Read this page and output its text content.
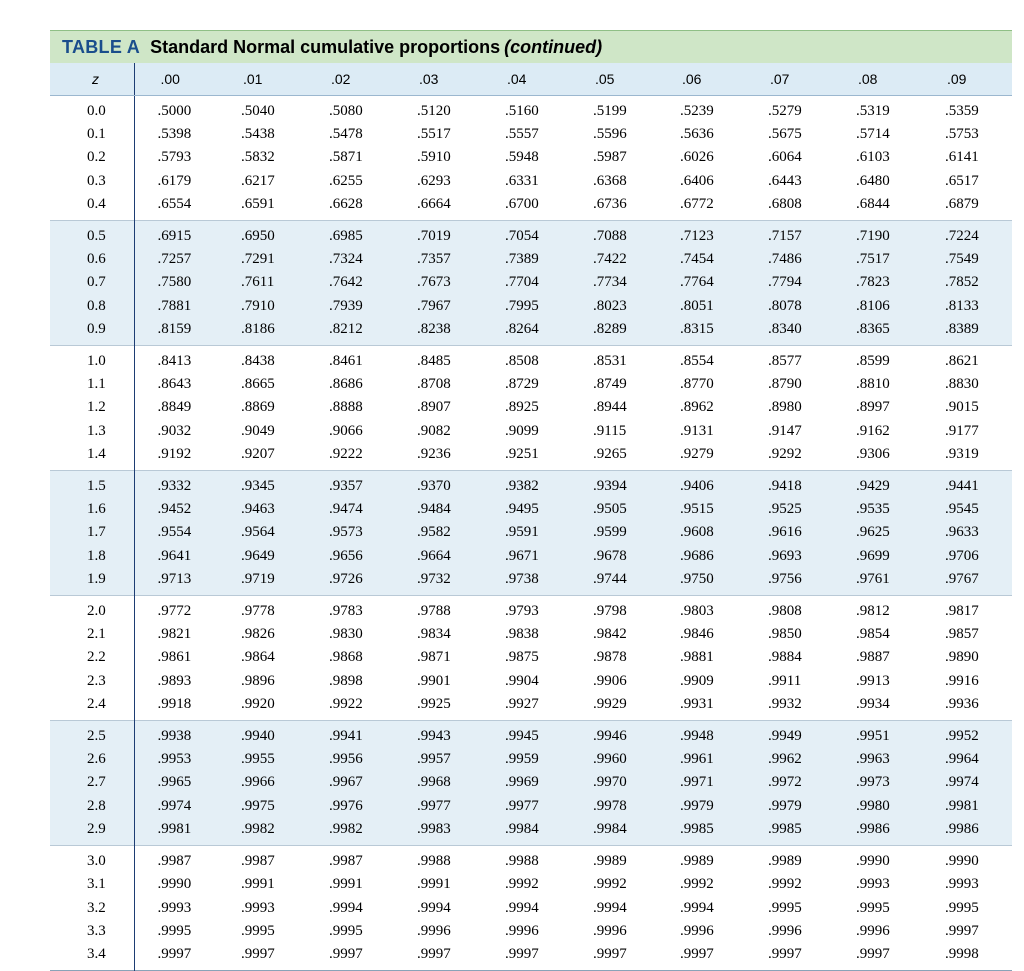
TABLE A Standard Normal cumulative proportions (continued)
z	.00	.01	.02	.03	.04	.05	.06	.07	.08	.09
0.0	.5000	.5040	.5080	.5120	.5160	.5199	.5239	.5279	.5319	.5359
0.1	.5398	.5438	.5478	.5517	.5557	.5596	.5636	.5675	.5714	.5753
0.2	.5793	.5832	.5871	.5910	.5948	.5987	.6026	.6064	.6103	.6141
0.3	.6179	.6217	.6255	.6293	.6331	.6368	.6406	.6443	.6480	.6517
0.4	.6554	.6591	.6628	.6664	.6700	.6736	.6772	.6808	.6844	.6879
0.5	.6915	.6950	.6985	.7019	.7054	.7088	.7123	.7157	.7190	.7224
0.6	.7257	.7291	.7324	.7357	.7389	.7422	.7454	.7486	.7517	.7549
0.7	.7580	.7611	.7642	.7673	.7704	.7734	.7764	.7794	.7823	.7852
0.8	.7881	.7910	.7939	.7967	.7995	.8023	.8051	.8078	.8106	.8133
0.9	.8159	.8186	.8212	.8238	.8264	.8289	.8315	.8340	.8365	.8389
1.0	.8413	.8438	.8461	.8485	.8508	.8531	.8554	.8577	.8599	.8621
1.1	.8643	.8665	.8686	.8708	.8729	.8749	.8770	.8790	.8810	.8830
1.2	.8849	.8869	.8888	.8907	.8925	.8944	.8962	.8980	.8997	.9015
1.3	.9032	.9049	.9066	.9082	.9099	.9115	.9131	.9147	.9162	.9177
1.4	.9192	.9207	.9222	.9236	.9251	.9265	.9279	.9292	.9306	.9319
1.5	.9332	.9345	.9357	.9370	.9382	.9394	.9406	.9418	.9429	.9441
1.6	.9452	.9463	.9474	.9484	.9495	.9505	.9515	.9525	.9535	.9545
1.7	.9554	.9564	.9573	.9582	.9591	.9599	.9608	.9616	.9625	.9633
1.8	.9641	.9649	.9656	.9664	.9671	.9678	.9686	.9693	.9699	.9706
1.9	.9713	.9719	.9726	.9732	.9738	.9744	.9750	.9756	.9761	.9767
2.0	.9772	.9778	.9783	.9788	.9793	.9798	.9803	.9808	.9812	.9817
2.1	.9821	.9826	.9830	.9834	.9838	.9842	.9846	.9850	.9854	.9857
2.2	.9861	.9864	.9868	.9871	.9875	.9878	.9881	.9884	.9887	.9890
2.3	.9893	.9896	.9898	.9901	.9904	.9906	.9909	.9911	.9913	.9916
2.4	.9918	.9920	.9922	.9925	.9927	.9929	.9931	.9932	.9934	.9936
2.5	.9938	.9940	.9941	.9943	.9945	.9946	.9948	.9949	.9951	.9952
2.6	.9953	.9955	.9956	.9957	.9959	.9960	.9961	.9962	.9963	.9964
2.7	.9965	.9966	.9967	.9968	.9969	.9970	.9971	.9972	.9973	.9974
2.8	.9974	.9975	.9976	.9977	.9977	.9978	.9979	.9979	.9980	.9981
2.9	.9981	.9982	.9982	.9983	.9984	.9984	.9985	.9985	.9986	.9986
3.0	.9987	.9987	.9987	.9988	.9988	.9989	.9989	.9989	.9990	.9990
3.1	.9990	.9991	.9991	.9991	.9992	.9992	.9992	.9992	.9993	.9993
3.2	.9993	.9993	.9994	.9994	.9994	.9994	.9994	.9995	.9995	.9995
3.3	.9995	.9995	.9995	.9996	.9996	.9996	.9996	.9996	.9996	.9997
3.4	.9997	.9997	.9997	.9997	.9997	.9997	.9997	.9997	.9997	.9998
